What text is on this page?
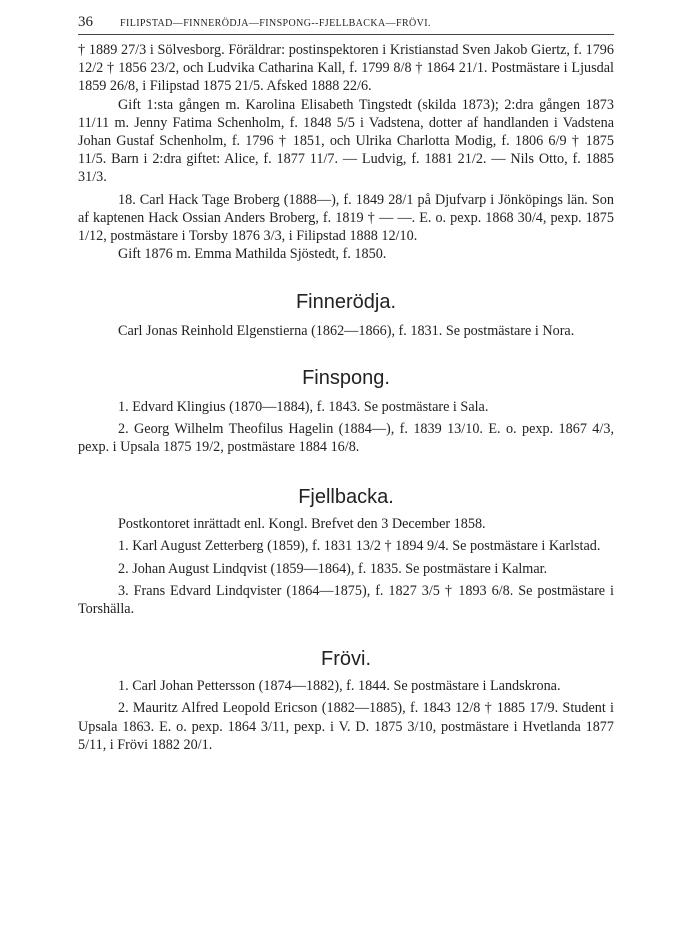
36	FILIPSTAD—FINNERÖDJA—FINSPONG--FJELLBACKA—FRÖVI.

† 1889 27/3 i Sölvesborg. Föräldrar: postinspektoren i Kristianstad Sven Jakob Giertz, f. 1796 12/2 † 1856 23/2, och Ludvika Catharina Kall, f. 1799 8/8 † 1864 21/1. Postmästare i Ljusdal 1859 26/8, i Filipstad 1875 21/5. Afsked 1888 22/6.

Gift 1:sta gången m. Karolina Elisabeth Tingstedt (skilda 1873); 2:dra gången 1873 11/11 m. Jenny Fatima Schenholm, f. 1848 5/5 i Vadstena, dotter af handlanden i Vadstena Johan Gustaf Schenholm, f. 1796 † 1851, och Ulrika Charlotta Modig, f. 1806 6/9 † 1875 11/5. Barn i 2:dra giftet: Alice, f. 1877 11/7. — Ludvig, f. 1881 21/2. — Nils Otto, f. 1885 31/3.

18. Carl Hack Tage Broberg (1888—), f. 1849 28/1 på Djufvarp i Jönköpings län. Son af kaptenen Hack Ossian Anders Broberg, f. 1819 † — —. E. o. pexp. 1868 30/4, pexp. 1875 1/12, postmästare i Torsby 1876 3/3, i Filipstad 1888 12/10.

Gift 1876 m. Emma Mathilda Sjöstedt, f. 1850.

Finnerödja.

Carl Jonas Reinhold Elgenstierna (1862—1866), f. 1831. Se postmästare i Nora.

Finspong.

1. Edvard Klingius (1870—1884), f. 1843. Se postmästare i Sala.

2. Georg Wilhelm Theofilus Hagelin (1884—), f. 1839 13/10. E. o. pexp. 1867 4/3, pexp. i Upsala 1875 19/2, postmästare 1884 16/8.

Fjellbacka.

Postkontoret inrättadt enl. Kongl. Brefvet den 3 December 1858.

1. Karl August Zetterberg (1859), f. 1831 13/2 † 1894 9/4. Se postmästare i Karlstad.

2. Johan August Lindqvist (1859—1864), f. 1835. Se postmästare i Kalmar.

3. Frans Edvard Lindqvister (1864—1875), f. 1827 3/5 † 1893 6/8. Se postmästare i Torshälla.

Frövi.

1. Carl Johan Pettersson (1874—1882), f. 1844. Se postmästare i Landskrona.

2. Mauritz Alfred Leopold Ericson (1882—1885), f. 1843 12/8 † 1885 17/9. Student i Upsala 1863. E. o. pexp. 1864 3/11, pexp. i V. D. 1875 3/10, postmästare i Hvetlanda 1877 5/11, i Frövi 1882 20/1.
